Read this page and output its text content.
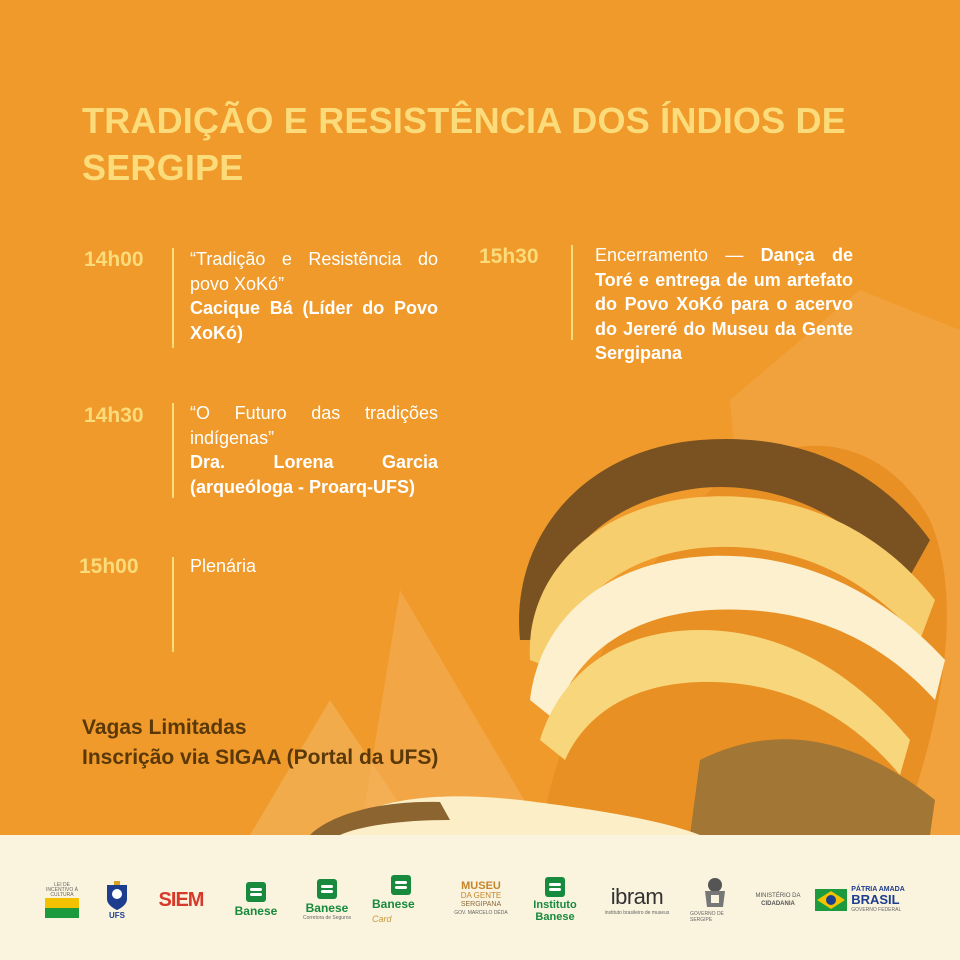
TRADIÇÃO E RESISTÊNCIA DOS ÍNDIOS DE SERGIPE
14h00	“Tradição e Resistência do povo XoKó”
Cacique Bá (Líder do Povo XoKó)
14h30	“O Futuro das tradições indígenas”
Dra. Lorena Garcia (arqueóloga - Proarq-UFS)
15h00	Plenária
15h30	Encerramento — Dança de Toré e entrega de um artefato do Povo XoKó para o acervo do Jereré do Museu da Gente Sergipana
Vagas Limitadas
Inscrição via SIGAA (Portal da UFS)
LEI DE INCENTIVO À CULTURA
UFS
SIEM
Banese Banese
Corretora de Seguros
Banese Card
MUSEU
DA GENTE
SERGIPANA
GOV. MARCELO DÉDA
Instituto
Banese
ibram
instituto brasileiro de museus	GOVERNO DE SERGIPE
MINISTÉRIO DA
CIDADANIA
PÁTRIA AMADA
BRASIL
GOVERNO FEDERAL
